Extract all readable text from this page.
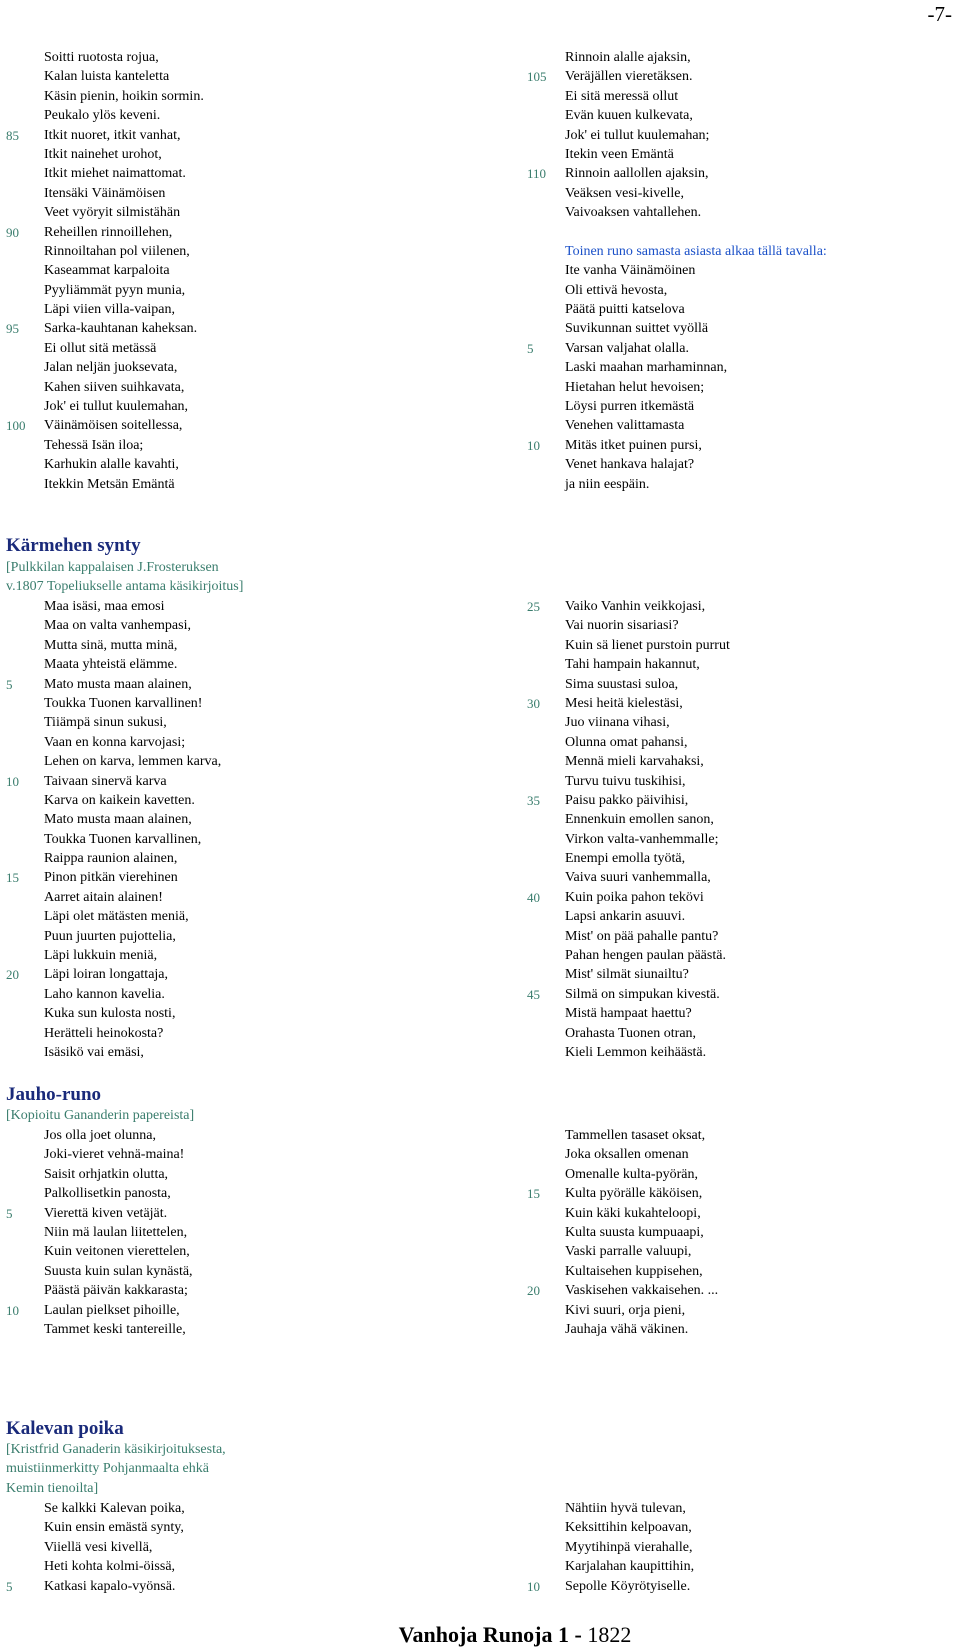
-7-
Soitti ruotosta rojua,
Kalan luista kanteletta
Käsin pienin, hoikin sormin.
Peukalo ylös keveni.
85 Itkit nuoret, itkit vanhat,
Itkit nainehet urohot,
Itkit miehet naimattomat.
Itensäki Väinämöisen
Veet vyöryit silmistähän
90 Reheillen rinnoillehen,
Rinnoiltahan pol viilenen,
Kaseammat karpaloita
Pyyliämmät pyyn munia,
Läpi viien villa-vaipan,
95 Sarka-kauhtanan kaheksan.
Ei ollut sitä metässä
Jalan neljän juoksevata,
Kahen siiven suihkavata,
Jok' ei tullut kuulemahan,
100 Väinämöisen soitellessa,
Tehessä Isän iloa;
Karhukin alalle kavahti,
Itekkin Metsän Emäntä
Rinnoin alalle ajaksin,
105 Veräjällen vieretäksen.
Ei sitä meressä ollut
Evän kuuen kulkevata,
Jok' ei tullut kuulemahan;
Itekin veen Emäntä
110 Rinnoin aallollen ajaksin,
Veäksen vesi-kivelle,
Vaivoaksen vahtallehen.
Toinen runo samasta asiasta alkaa tällä tavalla:
Ite vanha Väinämöinen
Oli ettivä hevosta,
Päätä puitti katselova
Suvikunnan suittet vyöllä
5 Varsan valjahat olalla.
Laski maahan marhaminnan,
Hietahan helut hevoisen;
Löysi purren itkemästä
Venehen valittamasta
10 Mitäs itket puinen pursi,
Venet hankava halajat?
ja niin eespäin.
Kärmehen synty
[Pulkkilan kappalaisen J.Frosteruksen
v.1807 Topeliukselle antama käsikirjoitus]
Maa isäsi, maa emosi
Maa on valta vanhempasi,
Mutta sinä, mutta minä,
Maata yhteistä elämme.
5 Mato musta maan alainen,
Toukka Tuonen karvallinen!
Tiiämpä sinun sukusi,
Vaan en konna karvojasi;
Lehen on karva, lemmen karva,
10 Taivaan sinervä karva
Karva on kaikein kavetten.
Mato musta maan alainen,
Toukka Tuonen karvallinen,
Raippa raunion alainen,
15 Pinon pitkän vierehinen
Aarret aitain alainen!
Läpi olet mätästen meniä,
Puun juurten pujottelia,
Läpi lukkuin meniä,
20 Läpi loiran longattaja,
Laho kannon kavelia.
Kuka sun kulosta nosti,
Herätteli heinokosta?
Isäsikö vai emäsi,
25 Vaiko Vanhin veikkojasi,
Vai nuorin sisariasi?
Kuin sä lienet purstoin purrut
Tahi hampain hakannut,
Sima suustasi suloa,
30 Mesi heitä kielestäsi,
Juo viinana vihasi,
Olunna omat pahansi,
Mennä mieli karvahaksi,
Turvu tuivu tuskihisi,
35 Paisu pakko päivihisi,
Ennenkuin emollen sanon,
Virkon valta-vanhemmalle;
Enempi emolla työtä,
Vaiva suuri vanhemmalla,
40 Kuin poika pahon tekövi
Lapsi ankarin asuuvi.
Mist' on pää pahalle pantu?
Pahan hengen paulan päästä.
Mist' silmät siunailtu?
45 Silmä on simpukan kivestä.
Mistä hampaat haettu?
Orahasta Tuonen otran,
Kieli Lemmon keihäästä.
Jauho-runo
[Kopioitu Gananderin papereista]
Jos olla joet olunna,
Joki-vieret vehnä-maina!
Saisit orhjatkin olutta,
Palkollisetkin panosta,
5 Vierettä kiven vetäjät.
Niin mä laulan liitettelen,
Kuin veitonen vierettelen,
Suusta kuin sulan kynästä,
Päästä päivän kakkarasta;
10 Laulan pielkset pihoille,
Tammet keski tantereille,
Tammellen tasaset oksat,
Joka oksallen omenan
Omenalle kulta-pyörän,
15 Kulta pyörälle käköisen,
Kuin käki kukahteloopi,
Kulta suusta kumpuaapi,
Vaski parralle valuupi,
Kultaisehen kuppisehen,
20 Vaskisehen vakkaisehen. ...
Kivi suuri, orja pieni,
Jauhaja vähä väkinen.
Kalevan poika
[Kristfrid Ganaderin käsikirjoituksesta,
muistiinmerkitty Pohjanmaalta ehkä
Kemin tienoilta]
Se kalkki Kalevan poika,
Kuin ensin emästä synty,
Viiellä vesi kivellä,
Heti kohta kolmi-öissä,
5 Katkasi kapalo-vyönsä.
Nähtiin hyvä tulevan,
Keksittihin kelpoavan,
Myytihinpä vierahalle,
Karjalahan kaupittihin,
10 Sepolle Köyrötyiselle.
Vanhoja Runoja 1 - 1822
